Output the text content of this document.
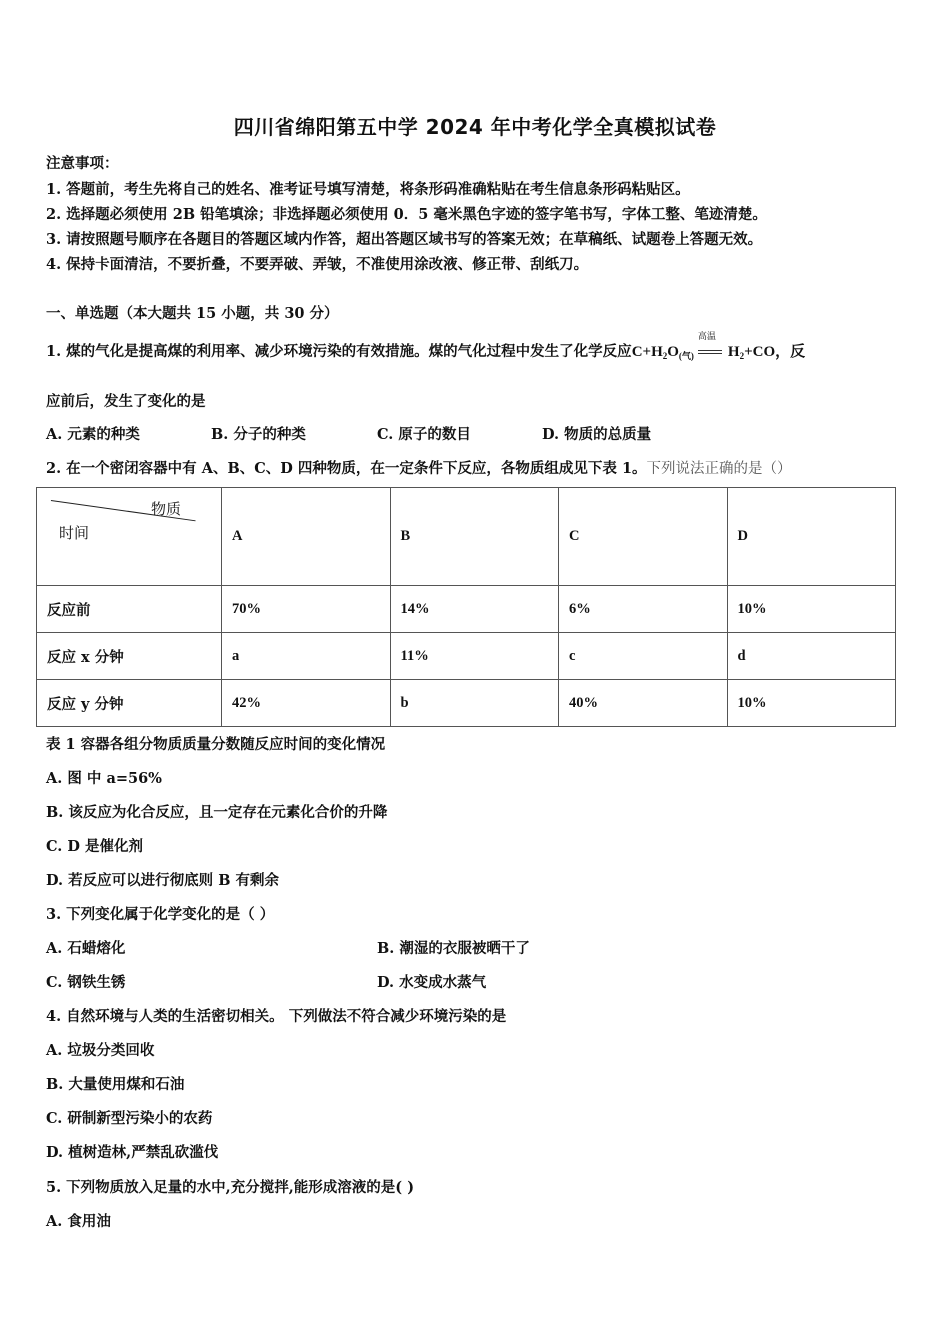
四川省绵阳第五中学 2024 年中考化学全真模拟试卷
注意事项：
1. 答题前，考生先将自己的姓名、准考证号填写清楚，将条形码准确粘贴在考生信息条形码粘贴区。
2. 选择题必须使用 2B 铅笔填涂；非选择题必须使用 0．5 毫米黑色字迹的签字笔书写，字体工整、笔迹清楚。
3. 请按照题号顺序在各题目的答题区域内作答，超出答题区域书写的答案无效；在草稿纸、试题卷上答题无效。
4. 保持卡面清洁，不要折叠，不要弄破、弄皱，不准使用涂改液、修正带、刮纸刀。
一、单选题（本大题共 15 小题，共 30 分）
1. 煤的气化是提高煤的利用率、减少环境污染的有效措施。煤的气化过程中发生了化学反应$C+H_2O_{(气)}$
高温
$H_2+CO$，反
应前后，发生了变化的是
A. 元素的种类	B. 分子的种类	C. 原子的数目	D. 物质的总质量
2. 在一个密闭容器中有 A、B、C、D 四种物质，在一定条件下反应，各物质组成见下表 1。下列说法正确的是（）
物质
时间	A	B	C	D
反应前	70%	14%	6%	10%
反应 x 分钟	a	11%	c	d
反应 y 分钟	42%	b	40%	10%
表 1 容器各组分物质质量分数随反应时间的变化情况
A. 图 中 a=56%
B. 该反应为化合反应，且一定存在元素化合价的升降
C. D 是催化剂
D. 若反应可以进行彻底则 B 有剩余
3. 下列变化属于化学变化的是（ ）
A. 石蜡熔化	B. 潮湿的衣服被晒干了
C. 钢铁生锈	D. 水变成水蒸气
4. 自然环境与人类的生活密切相关。 下列做法不符合减少环境污染的是
A. 垃圾分类回收
B. 大量使用煤和石油
C. 研制新型污染小的农药
D. 植树造林,严禁乱砍滥伐
5. 下列物质放入足量的水中,充分搅拌,能形成溶液的是( )
A. 食用油
